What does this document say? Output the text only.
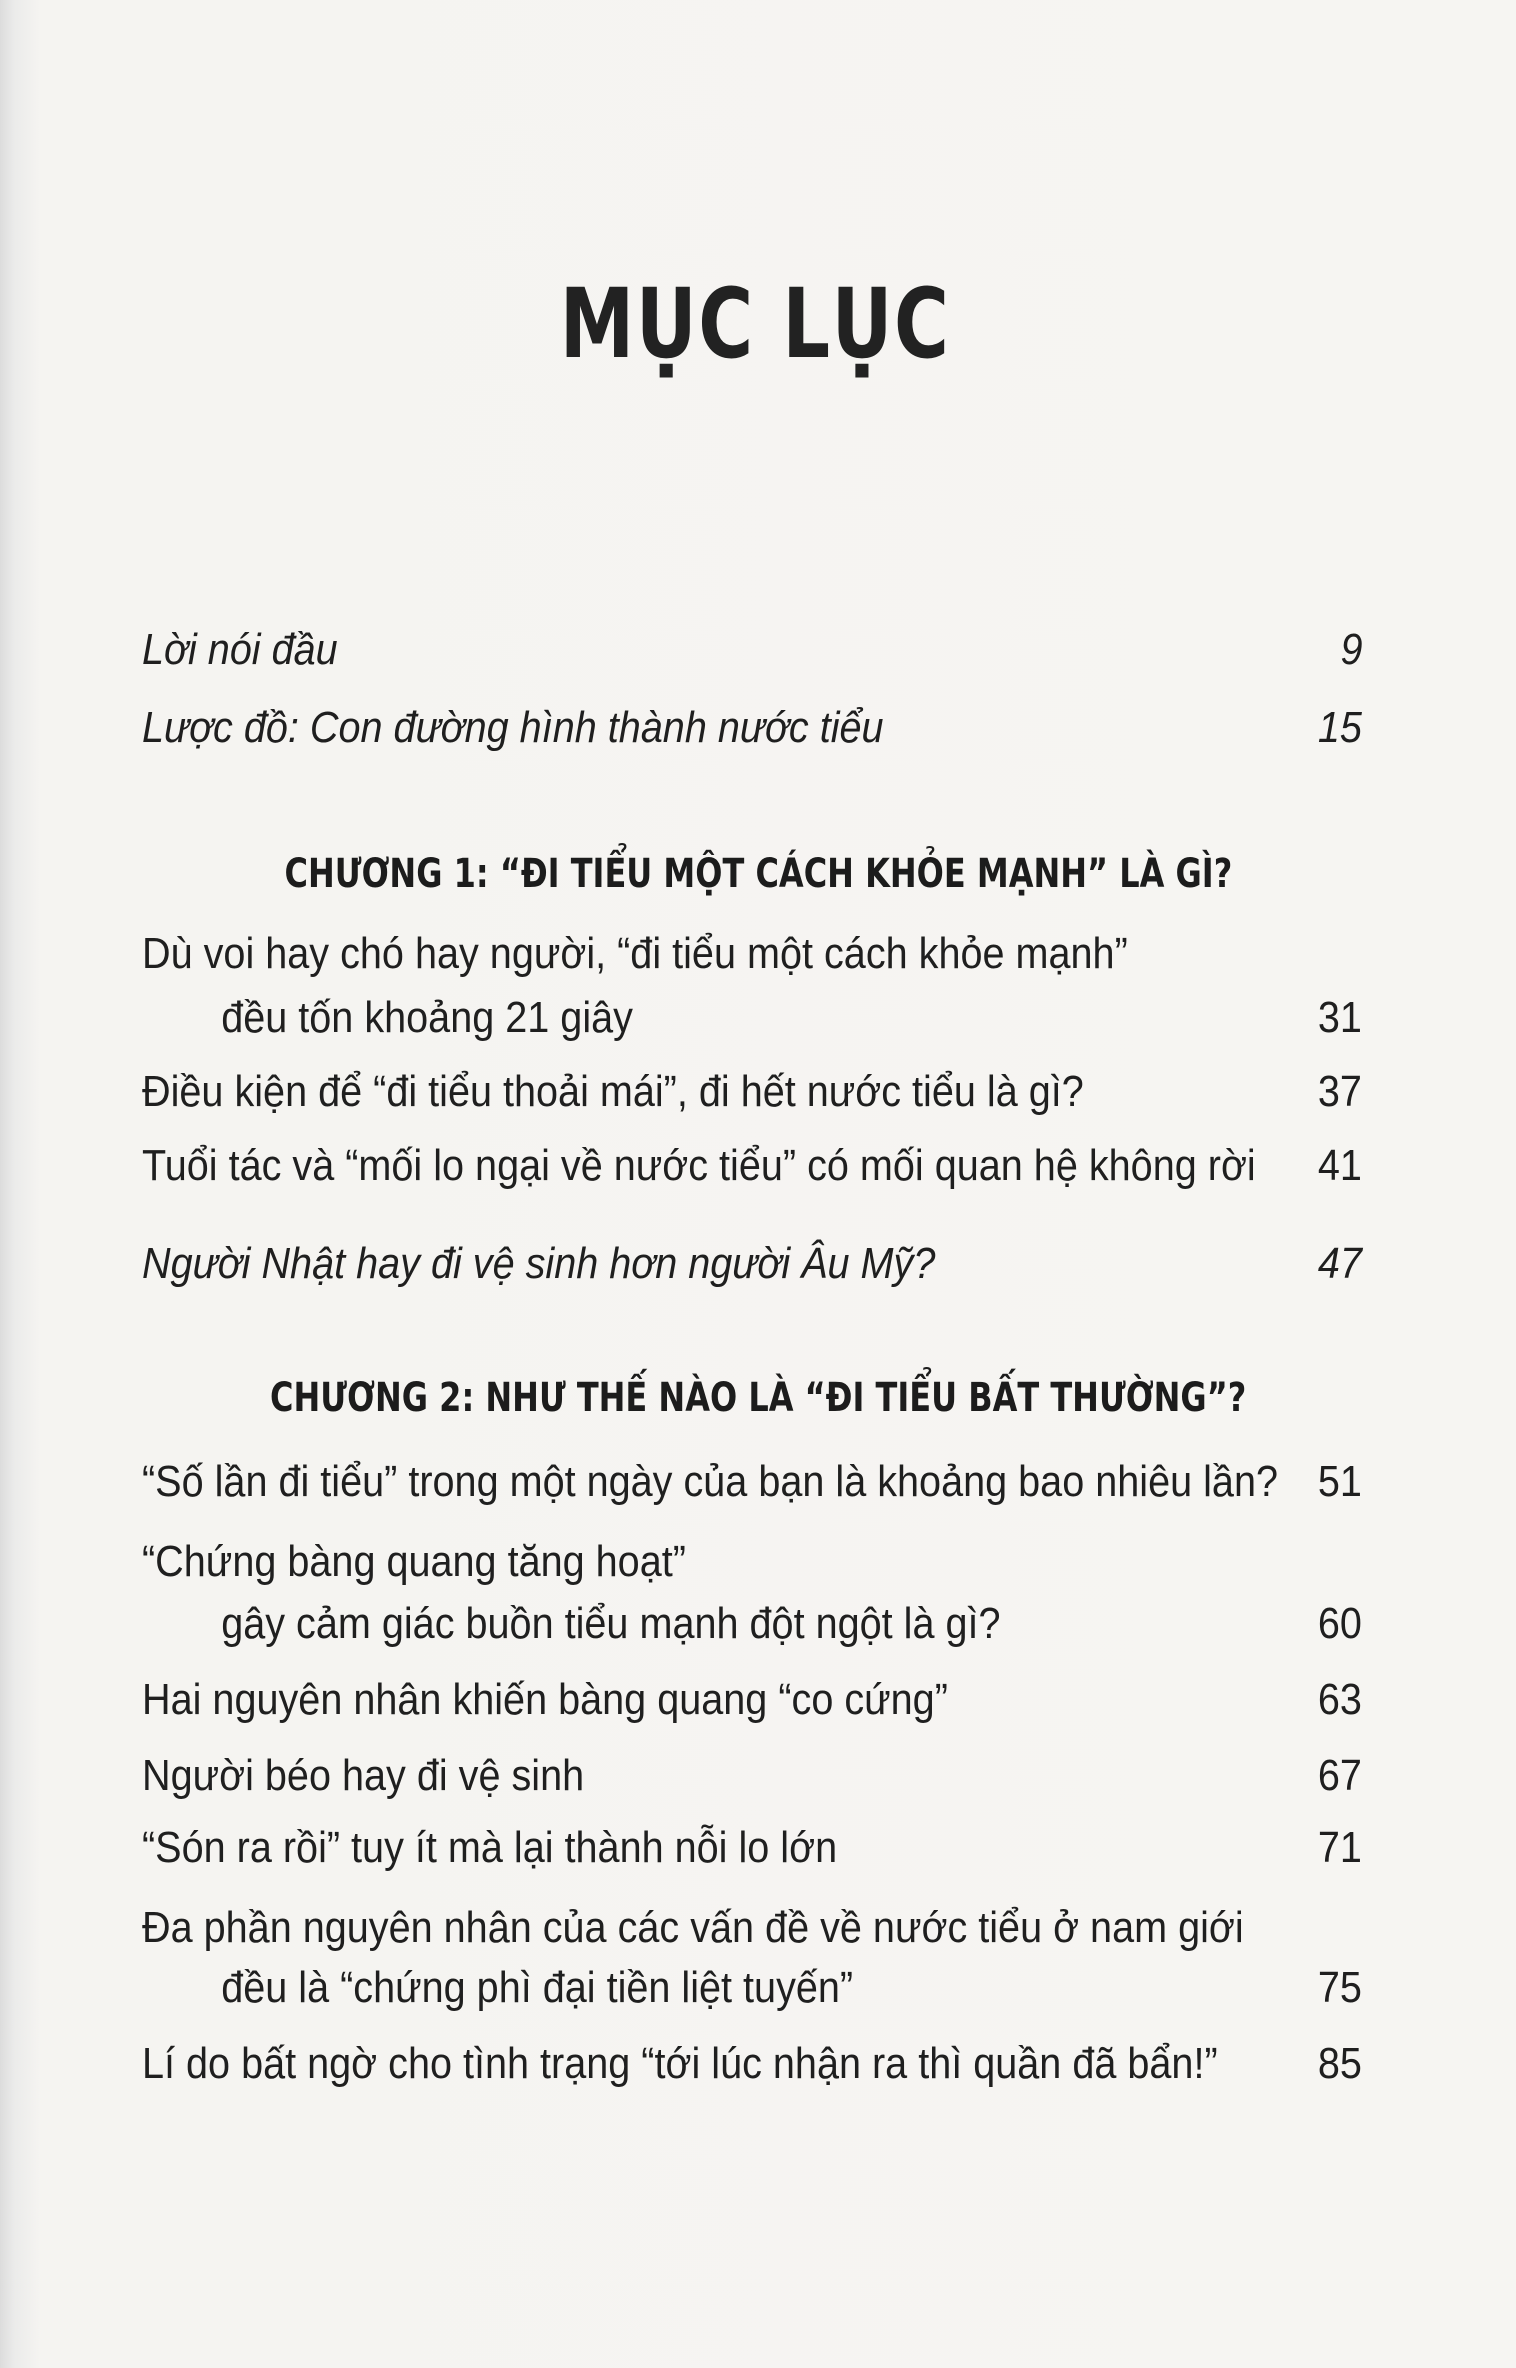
MỤC LỤC
Lời nói đầu	9
Lược đồ: Con đường hình thành nước tiểu	15
CHƯƠNG 1: “ĐI TIỂU MỘT CÁCH KHỎE MẠNH” LÀ GÌ?
Dù voi hay chó hay người, “đi tiểu một cách khỏe mạnh”
đều tốn khoảng 21 giây	31
Điều kiện để “đi tiểu thoải mái”, đi hết nước tiểu là gì?	37
Tuổi tác và “mối lo ngại về nước tiểu” có mối quan hệ không rời 41
Người Nhật hay đi vệ sinh hơn người Âu Mỹ?	47
CHƯƠNG 2: NHƯ THẾ NÀO LÀ “ĐI TIỂU BẤT THƯỜNG”?
“Số lần đi tiểu” trong một ngày của bạn là khoảng bao nhiêu lần? 51
“Chứng bàng quang tăng hoạt”
gây cảm giác buồn tiểu mạnh đột ngột là gì?	60
Hai nguyên nhân khiến bàng quang “co cứng”	63
Người béo hay đi vệ sinh	67
“Són ra rồi” tuy ít mà lại thành nỗi lo lớn	71
Đa phần nguyên nhân của các vấn đề về nước tiểu ở nam giới
đều là “chứng phì đại tiền liệt tuyến”	75
Lí do bất ngờ cho tình trạng “tới lúc nhận ra thì quần đã bẩn!” 85
